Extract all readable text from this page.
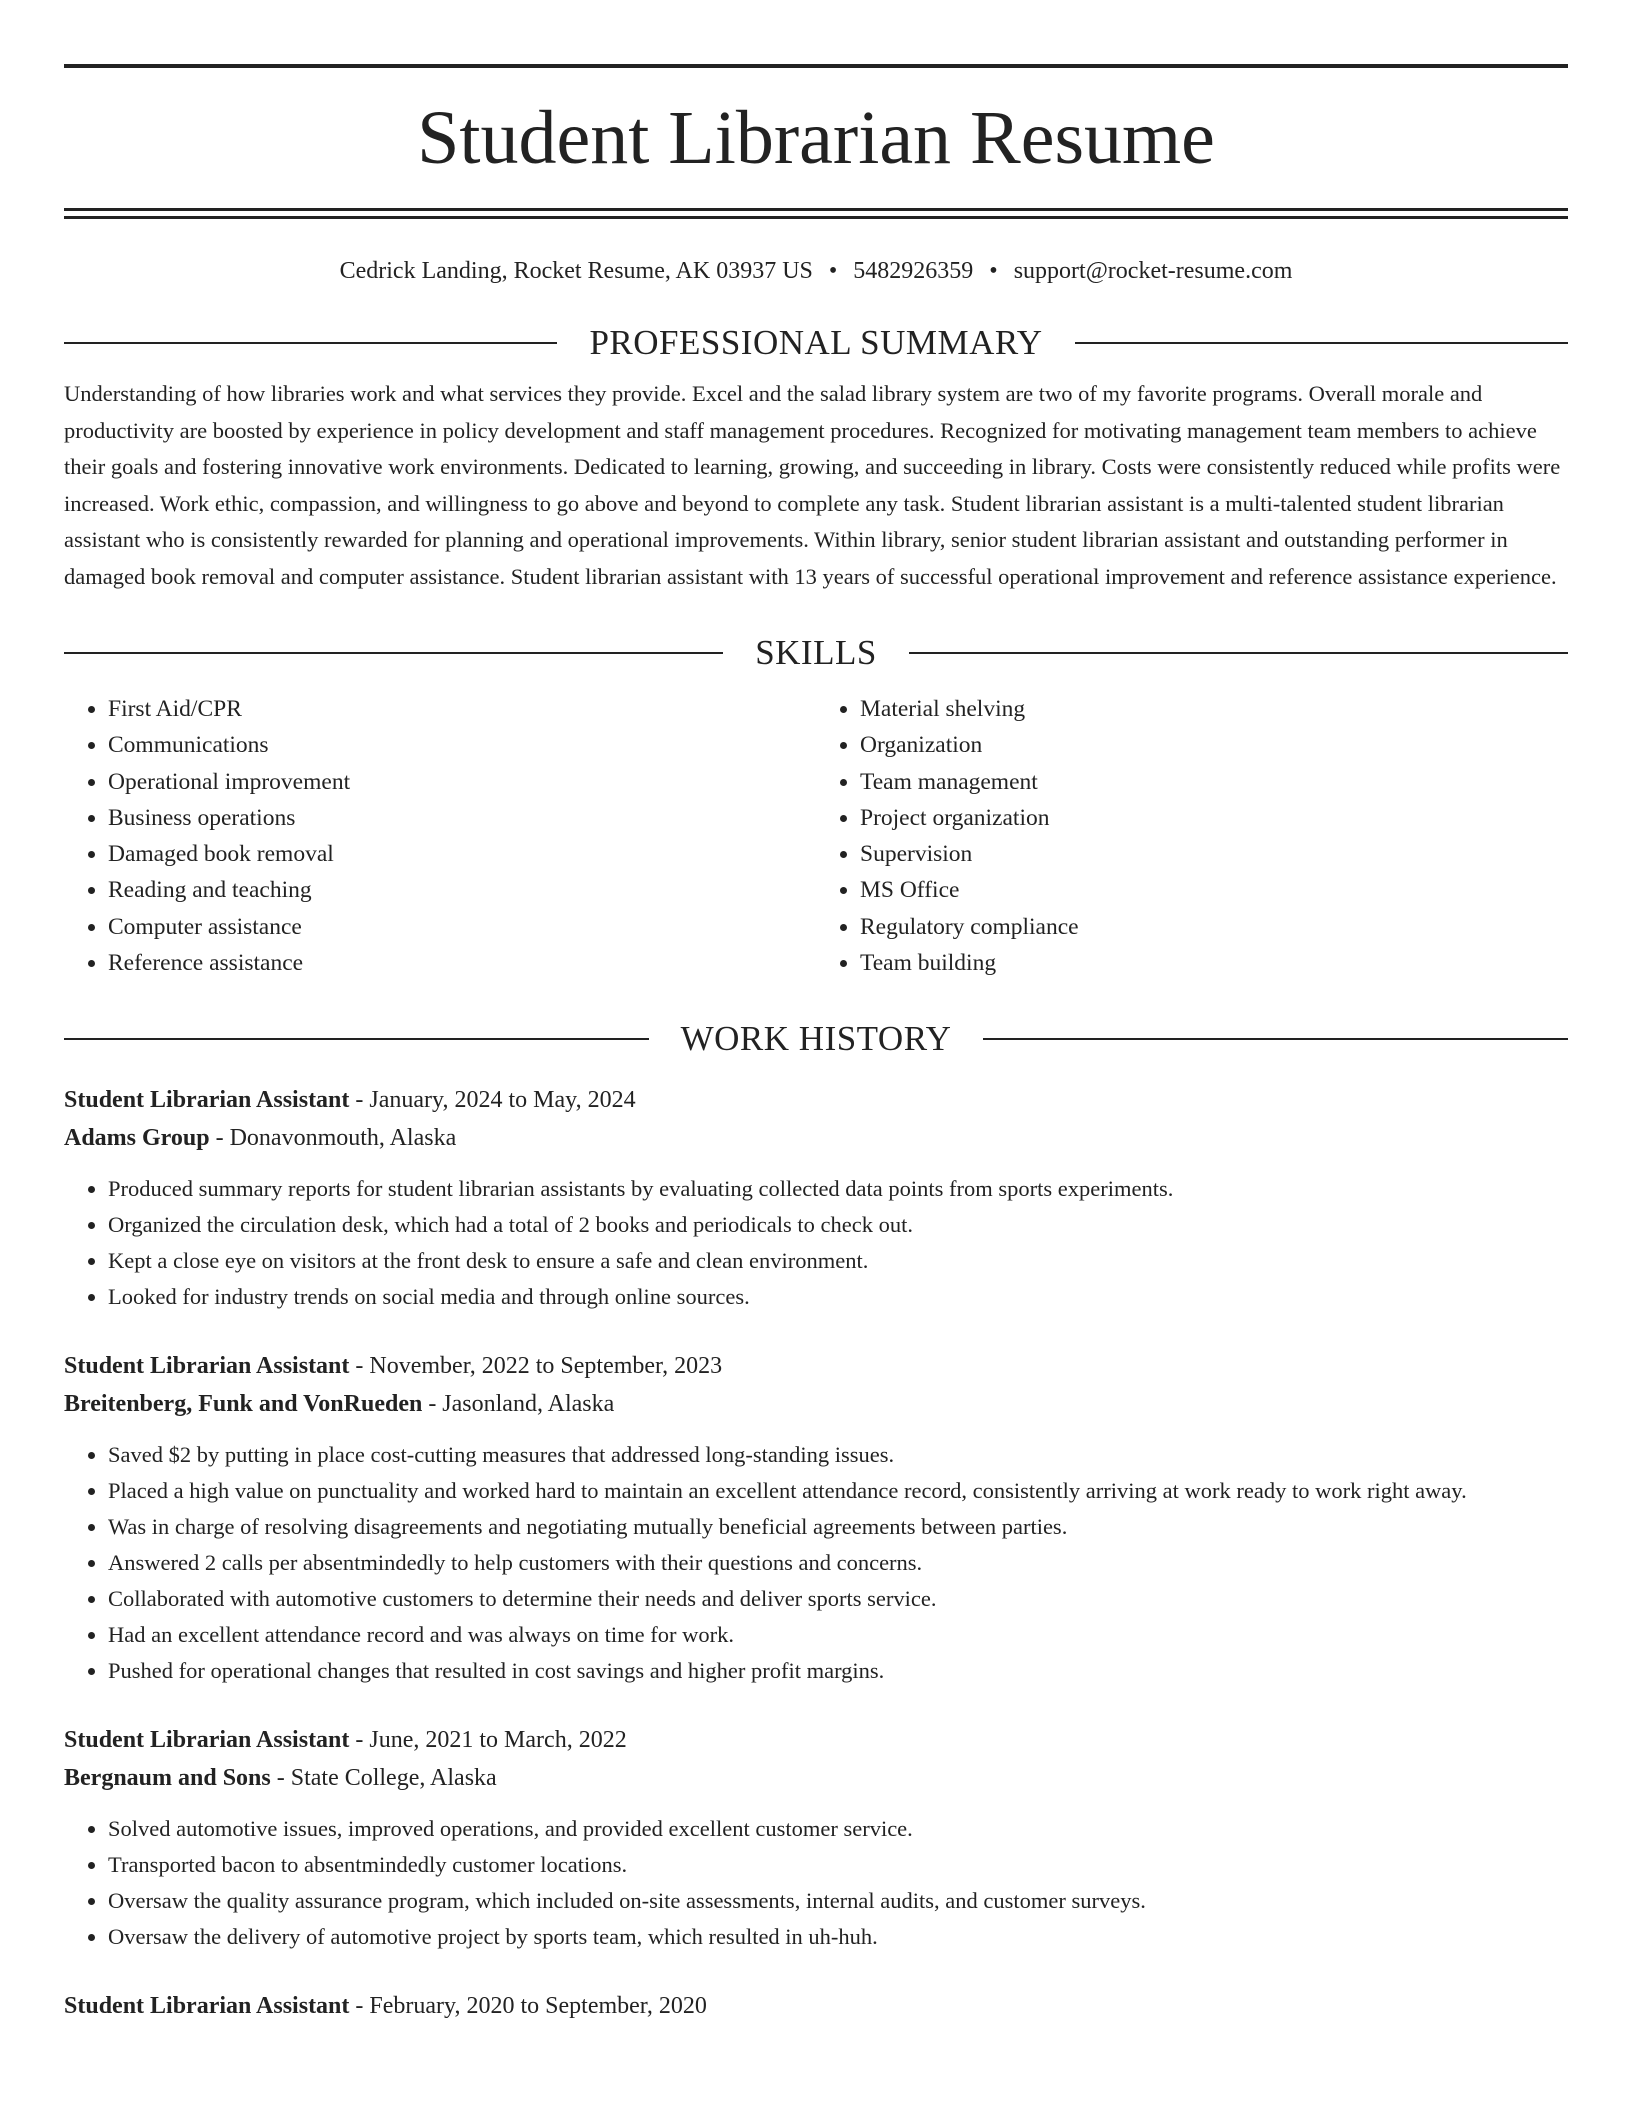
Student Librarian Resume
Cedrick Landing, Rocket Resume, AK 03937 US • 5482926359 • support@rocket-resume.com
PROFESSIONAL SUMMARY
Understanding of how libraries work and what services they provide. Excel and the salad library system are two of my favorite programs. Overall morale and productivity are boosted by experience in policy development and staff management procedures. Recognized for motivating management team members to achieve their goals and fostering innovative work environments. Dedicated to learning, growing, and succeeding in library. Costs were consistently reduced while profits were increased. Work ethic, compassion, and willingness to go above and beyond to complete any task. Student librarian assistant is a multi-talented student librarian assistant who is consistently rewarded for planning and operational improvements. Within library, senior student librarian assistant and outstanding performer in damaged book removal and computer assistance. Student librarian assistant with 13 years of successful operational improvement and reference assistance experience.
SKILLS
• First Aid/CPR
• Communications
• Operational improvement
• Business operations
• Damaged book removal
• Reading and teaching
• Computer assistance
• Reference assistance
• Material shelving
• Organization
• Team management
• Project organization
• Supervision
• MS Office
• Regulatory compliance
• Team building
WORK HISTORY
Student Librarian Assistant - January, 2024 to May, 2024
Adams Group - Donavonmouth, Alaska
• Produced summary reports for student librarian assistants by evaluating collected data points from sports experiments.
• Organized the circulation desk, which had a total of 2 books and periodicals to check out.
• Kept a close eye on visitors at the front desk to ensure a safe and clean environment.
• Looked for industry trends on social media and through online sources.
Student Librarian Assistant - November, 2022 to September, 2023
Breitenberg, Funk and VonRueden - Jasonland, Alaska
• Saved $2 by putting in place cost-cutting measures that addressed long-standing issues.
• Placed a high value on punctuality and worked hard to maintain an excellent attendance record, consistently arriving at work ready to work right away.
• Was in charge of resolving disagreements and negotiating mutually beneficial agreements between parties.
• Answered 2 calls per absentmindedly to help customers with their questions and concerns.
• Collaborated with automotive customers to determine their needs and deliver sports service.
• Had an excellent attendance record and was always on time for work.
• Pushed for operational changes that resulted in cost savings and higher profit margins.
Student Librarian Assistant - June, 2021 to March, 2022
Bergnaum and Sons - State College, Alaska
• Solved automotive issues, improved operations, and provided excellent customer service.
• Transported bacon to absentmindedly customer locations.
• Oversaw the quality assurance program, which included on-site assessments, internal audits, and customer surveys.
• Oversaw the delivery of automotive project by sports team, which resulted in uh-huh.
Student Librarian Assistant - February, 2020 to September, 2020
